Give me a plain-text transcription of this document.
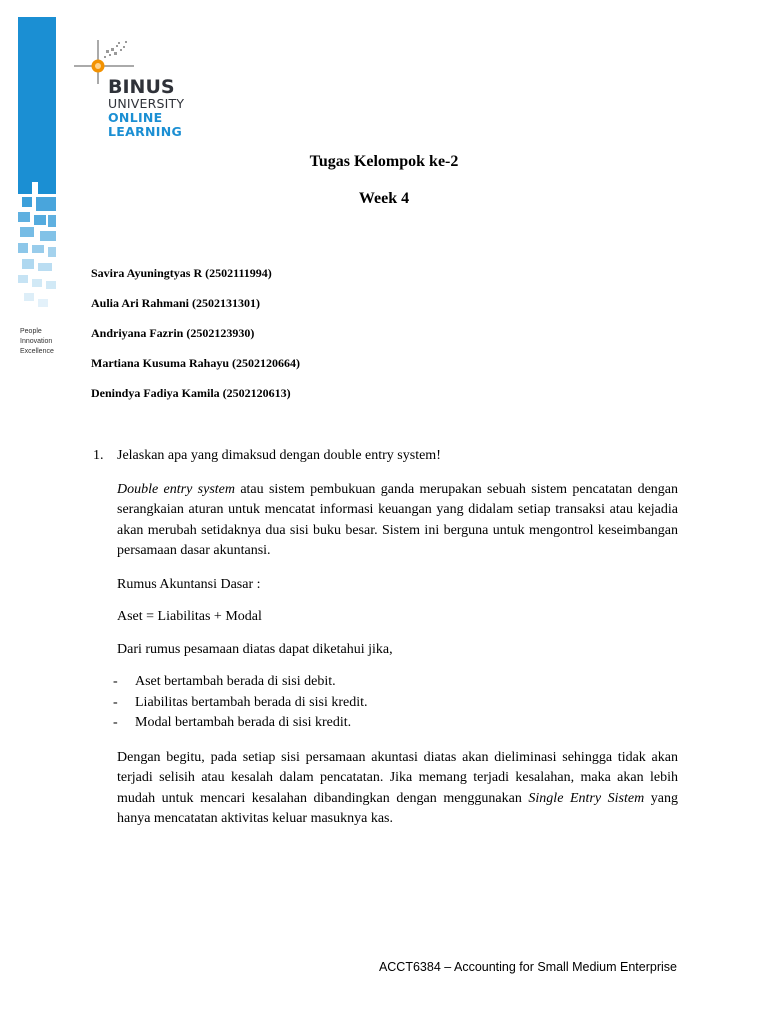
BINUS
UNIVERSITY
ONLINE
LEARNING
People
Innovation
Excellence
Tugas Kelompok ke-2
Week 4
Savira Ayuningtyas R (2502111994)
Aulia Ari Rahmani (2502131301)
Andriyana Fazrin (2502123930)
Martiana Kusuma Rahayu (2502120664)
Denindya Fadiya Kamila (2502120613)
1. Jelaskan apa yang dimaksud dengan double entry system!
Double entry system atau sistem pembukuan ganda merupakan sebuah sistem pencatatan dengan serangkaian aturan untuk mencatat informasi keuangan yang didalam setiap transaksi atau kejadia akan merubah setidaknya dua sisi buku besar. Sistem ini berguna untuk mengontrol keseimbangan persamaan dasar akuntansi.
Rumus Akuntansi Dasar :
Aset = Liabilitas + Modal
Dari rumus pesamaan diatas dapat diketahui jika,
-	Aset bertambah berada di sisi debit.
-	Liabilitas bertambah berada di sisi kredit.
-	Modal bertambah berada di sisi kredit.
Dengan begitu, pada setiap sisi persamaan akuntasi diatas akan dieliminasi sehingga tidak akan terjadi selisih atau kesalah dalam pencatatan. Jika memang terjadi kesalahan, maka akan lebih mudah untuk mencari kesalahan dibandingkan dengan menggunakan Single Entry Sistem yang hanya mencatatan aktivitas keluar masuknya kas.
ACCT6384 – Accounting for Small Medium Enterprise
